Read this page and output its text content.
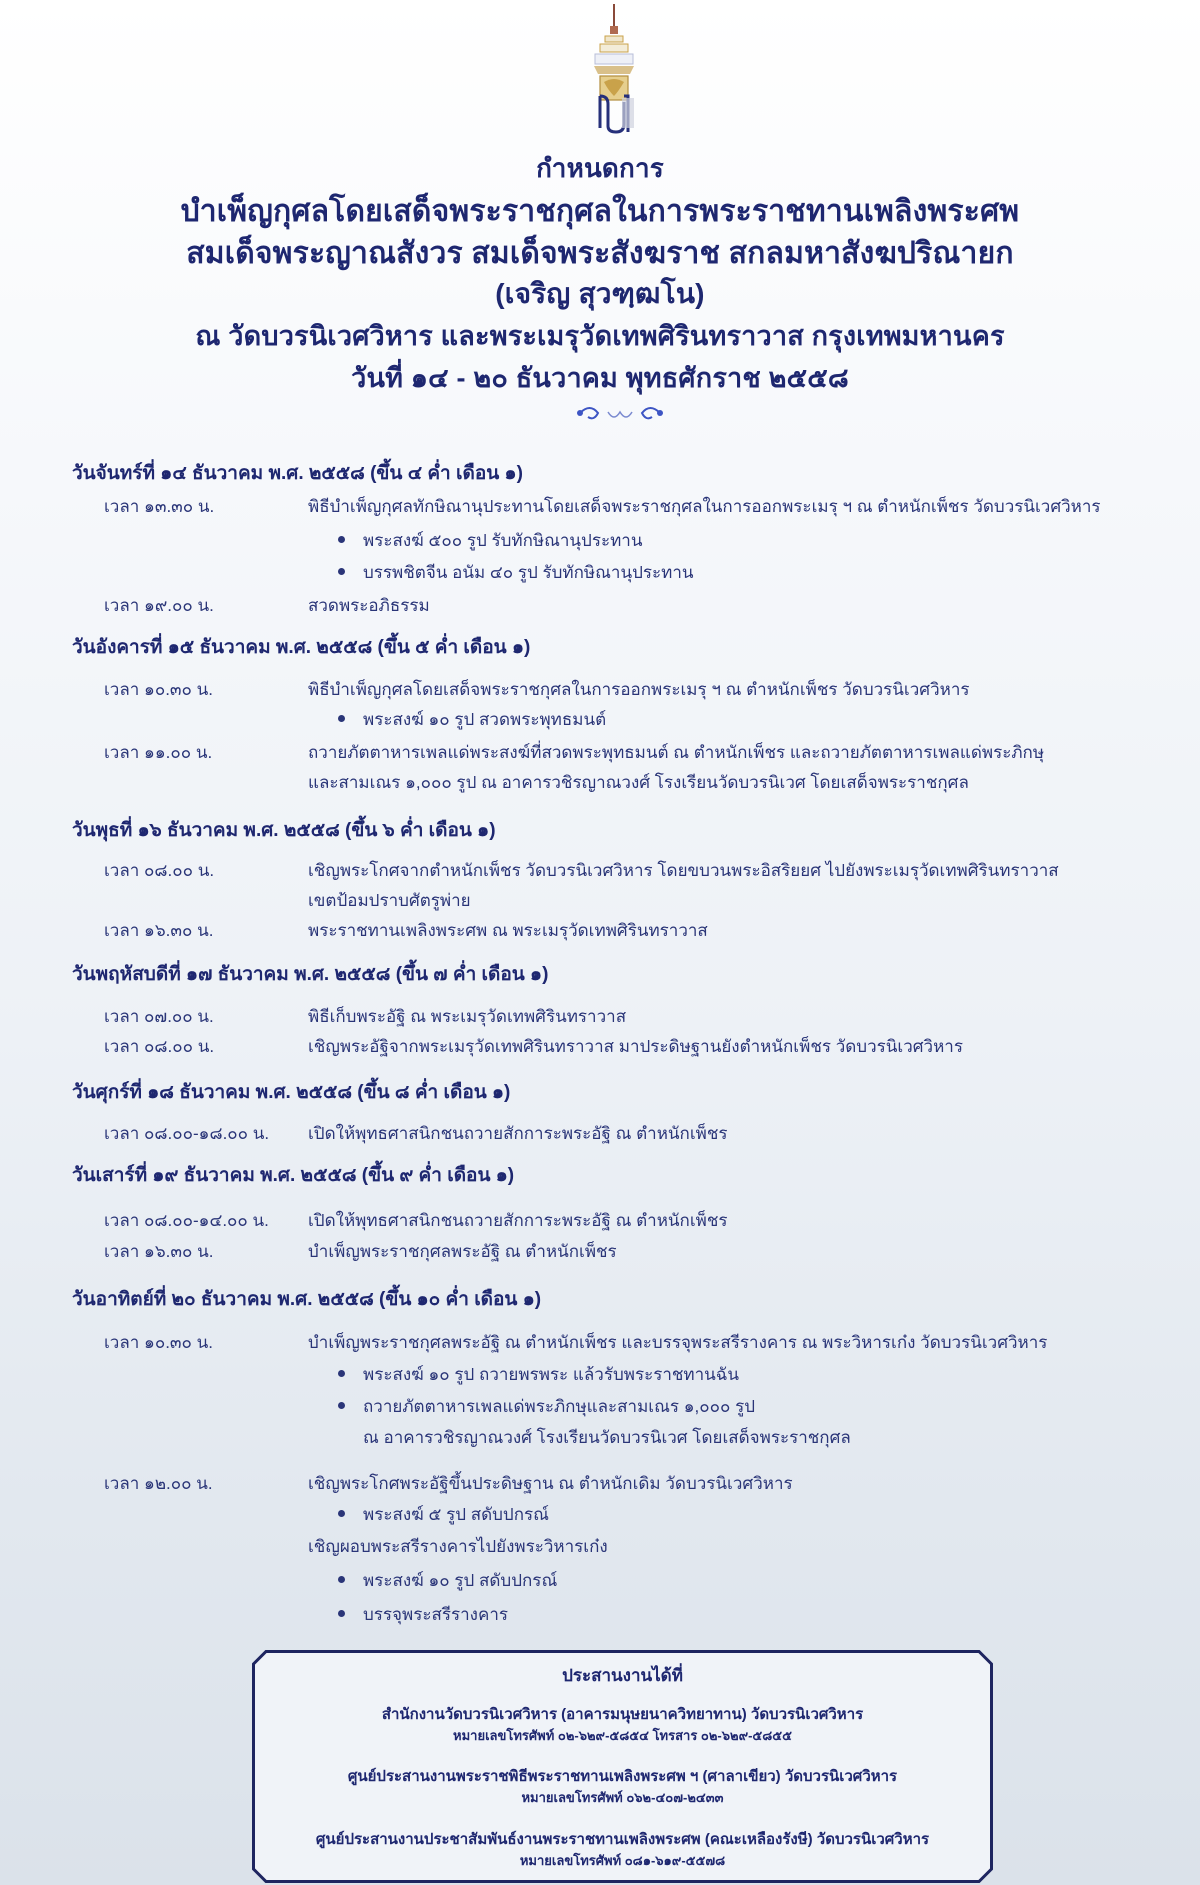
กำหนดการ
บำเพ็ญกุศลโดยเสด็จพระราชกุศลในการพระราชทานเพลิงพระศพ
สมเด็จพระญาณสังวร สมเด็จพระสังฆราช สกลมหาสังฆปริณายก
(เจริญ สุวฑฺฒโน)
ณ วัดบวรนิเวศวิหาร และพระเมรุวัดเทพศิรินทราวาส กรุงเทพมหานคร
วันที่ ๑๔ - ๒๐ ธันวาคม พุทธศักราช ๒๕๕๘
วันจันทร์ที่ ๑๔ ธันวาคม พ.ศ. ๒๕๕๘ (ขึ้น ๔ ค่ำ เดือน ๑)
เวลา ๑๓.๓๐ น.	พิธีบำเพ็ญกุศลทักษิณานุประทานโดยเสด็จพระราชกุศลในการออกพระเมรุ ฯ ณ ตำหนักเพ็ชร วัดบวรนิเวศวิหาร
พระสงฆ์ ๕๐๐ รูป รับทักษิณานุประทาน
บรรพชิตจีน อนัม ๔๐ รูป รับทักษิณานุประทาน
เวลา ๑๙.๐๐ น.	สวดพระอภิธรรม
วันอังคารที่ ๑๕ ธันวาคม พ.ศ. ๒๕๕๘ (ขึ้น ๕ ค่ำ เดือน ๑)
เวลา ๑๐.๓๐ น.	พิธีบำเพ็ญกุศลโดยเสด็จพระราชกุศลในการออกพระเมรุ ฯ ณ ตำหนักเพ็ชร วัดบวรนิเวศวิหาร
พระสงฆ์ ๑๐ รูป สวดพระพุทธมนต์
เวลา ๑๑.๐๐ น.	ถวายภัตตาหารเพลแด่พระสงฆ์ที่สวดพระพุทธมนต์ ณ ตำหนักเพ็ชร และถวายภัตตาหารเพลแด่พระภิกษุ
และสามเณร ๑,๐๐๐ รูป ณ อาคารวชิรญาณวงศ์ โรงเรียนวัดบวรนิเวศ โดยเสด็จพระราชกุศล
วันพุธที่ ๑๖ ธันวาคม พ.ศ. ๒๕๕๘ (ขึ้น ๖ ค่ำ เดือน ๑)
เวลา ๐๘.๐๐ น.	เชิญพระโกศจากตำหนักเพ็ชร วัดบวรนิเวศวิหาร โดยขบวนพระอิสริยยศ ไปยังพระเมรุวัดเทพศิรินทราวาส
เขตป้อมปราบศัตรูพ่าย
เวลา ๑๖.๓๐ น.	พระราชทานเพลิงพระศพ ณ พระเมรุวัดเทพศิรินทราวาส
วันพฤหัสบดีที่ ๑๗ ธันวาคม พ.ศ. ๒๕๕๘ (ขึ้น ๗ ค่ำ เดือน ๑)
เวลา ๐๗.๐๐ น.	พิธีเก็บพระอัฐิ ณ พระเมรุวัดเทพศิรินทราวาส
เวลา ๐๘.๐๐ น.	เชิญพระอัฐิจากพระเมรุวัดเทพศิรินทราวาส มาประดิษฐานยังตำหนักเพ็ชร วัดบวรนิเวศวิหาร
วันศุกร์ที่ ๑๘ ธันวาคม พ.ศ. ๒๕๕๘ (ขึ้น ๘ ค่ำ เดือน ๑)
เวลา ๐๘.๐๐-๑๘.๐๐ น. เปิดให้พุทธศาสนิกชนถวายสักการะพระอัฐิ ณ ตำหนักเพ็ชร
วันเสาร์ที่ ๑๙ ธันวาคม พ.ศ. ๒๕๕๘ (ขึ้น ๙ ค่ำ เดือน ๑)
เวลา ๐๘.๐๐-๑๔.๐๐ น. เปิดให้พุทธศาสนิกชนถวายสักการะพระอัฐิ ณ ตำหนักเพ็ชร
เวลา ๑๖.๓๐ น.	บำเพ็ญพระราชกุศลพระอัฐิ ณ ตำหนักเพ็ชร
วันอาทิตย์ที่ ๒๐ ธันวาคม พ.ศ. ๒๕๕๘ (ขึ้น ๑๐ ค่ำ เดือน ๑)
เวลา ๑๐.๓๐ น.	บำเพ็ญพระราชกุศลพระอัฐิ ณ ตำหนักเพ็ชร และบรรจุพระสรีรางคาร ณ พระวิหารเก๋ง วัดบวรนิเวศวิหาร
พระสงฆ์ ๑๐ รูป ถวายพรพระ แล้วรับพระราชทานฉัน
ถวายภัตตาหารเพลแด่พระภิกษุและสามเณร ๑,๐๐๐ รูป
ณ อาคารวชิรญาณวงศ์ โรงเรียนวัดบวรนิเวศ โดยเสด็จพระราชกุศล
เวลา ๑๒.๐๐ น.	เชิญพระโกศพระอัฐิขึ้นประดิษฐาน ณ ตำหนักเดิม วัดบวรนิเวศวิหาร
พระสงฆ์ ๕ รูป สดับปกรณ์
เชิญผอบพระสรีรางคารไปยังพระวิหารเก๋ง
พระสงฆ์ ๑๐ รูป สดับปกรณ์
บรรจุพระสรีรางคาร
ประสานงานได้ที่
สำนักงานวัดบวรนิเวศวิหาร (อาคารมนุษยนาควิทยาทาน) วัดบวรนิเวศวิหาร
หมายเลขโทรศัพท์ ๐๒-๖๒๙-๕๘๕๔ โทรสาร ๐๒-๖๒๙-๕๘๕๕
ศูนย์ประสานงานพระราชพิธีพระราชทานเพลิงพระศพ ฯ (ศาลาเขียว) วัดบวรนิเวศวิหาร
หมายเลขโทรศัพท์ ๐๖๒-๔๐๗-๒๔๓๓
ศูนย์ประสานงานประชาสัมพันธ์งานพระราชทานเพลิงพระศพ (คณะเหลืองรังษี) วัดบวรนิเวศวิหาร
หมายเลขโทรศัพท์ ๐๘๑-๖๑๙-๕๕๗๘
